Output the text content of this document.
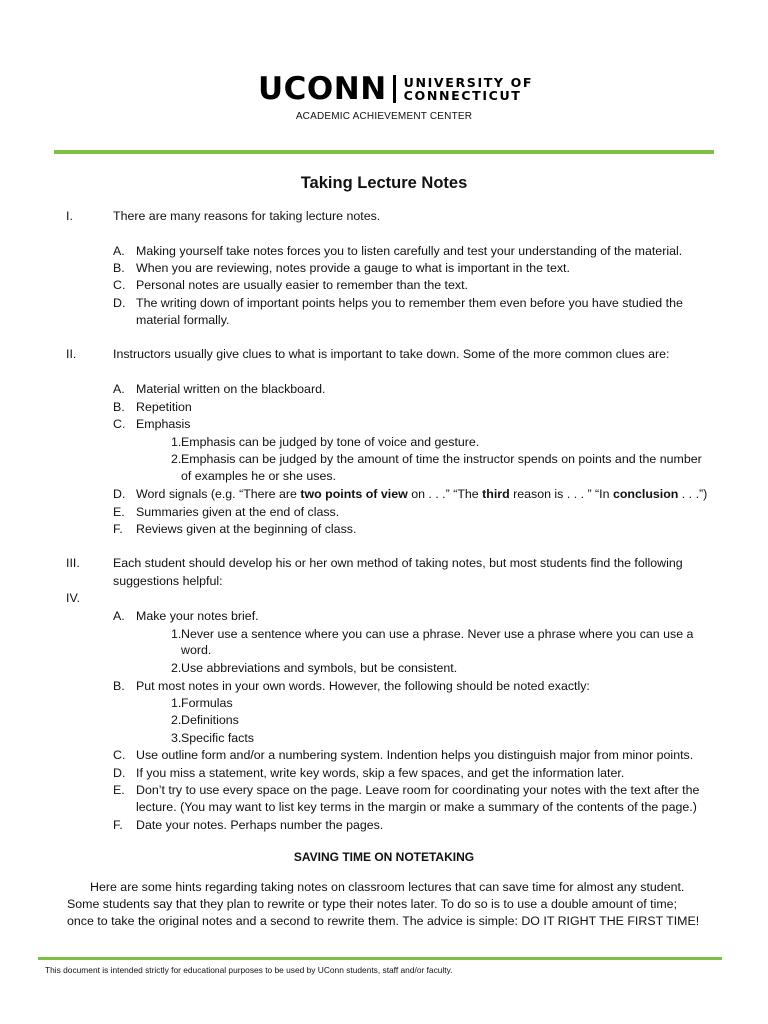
UCONN UNIVERSITY OF
CONNECTICUT
ACADEMIC ACHIEVEMENT CENTER
Taking Lecture Notes
I.	There are many reasons for taking lecture notes.
A. Making yourself take notes forces you to listen carefully and test your understanding of the material.
B. When you are reviewing, notes provide a gauge to what is important in the text.
C. Personal notes are usually easier to remember than the text.
D. The writing down of important points helps you to remember them even before you have studied the
material formally.
II.	Instructors usually give clues to what is important to take down. Some of the more common clues are:
A. Material written on the blackboard.
B. Repetition
C. Emphasis
1. Emphasis can be judged by tone of voice and gesture.
2. Emphasis can be judged by the amount of time the instructor spends on points and the number
of examples he or she uses.
D. Word signals (e.g. “There are two points of view on . . .” “The third reason is . . . ” “In conclusion . . .”)
E. Summaries given at the end of class.
F. Reviews given at the beginning of class.
III.	Each student should develop his or her own method of taking notes, but most students find the following
suggestions helpful:
IV.
A. Make your notes brief.
1. Never use a sentence where you can use a phrase. Never use a phrase where you can use a
word.
2. Use abbreviations and symbols, but be consistent.
B. Put most notes in your own words. However, the following should be noted exactly:
1. Formulas
2. Definitions
3. Specific facts
C. Use outline form and/or a numbering system. Indention helps you distinguish major from minor points.
D. If you miss a statement, write key words, skip a few spaces, and get the information later.
E. Don’t try to use every space on the page. Leave room for coordinating your notes with the text after the
lecture. (You may want to list key terms in the margin or make a summary of the contents of the page.)
F. Date your notes. Perhaps number the pages.
SAVING TIME ON NOTETAKING
Here are some hints regarding taking notes on classroom lectures that can save time for almost any student.
Some students say that they plan to rewrite or type their notes later. To do so is to use a double amount of time;
once to take the original notes and a second to rewrite them. The advice is simple: DO IT RIGHT THE FIRST TIME!
This document is intended strictly for educational purposes to be used by UConn students, staff and/or faculty.
